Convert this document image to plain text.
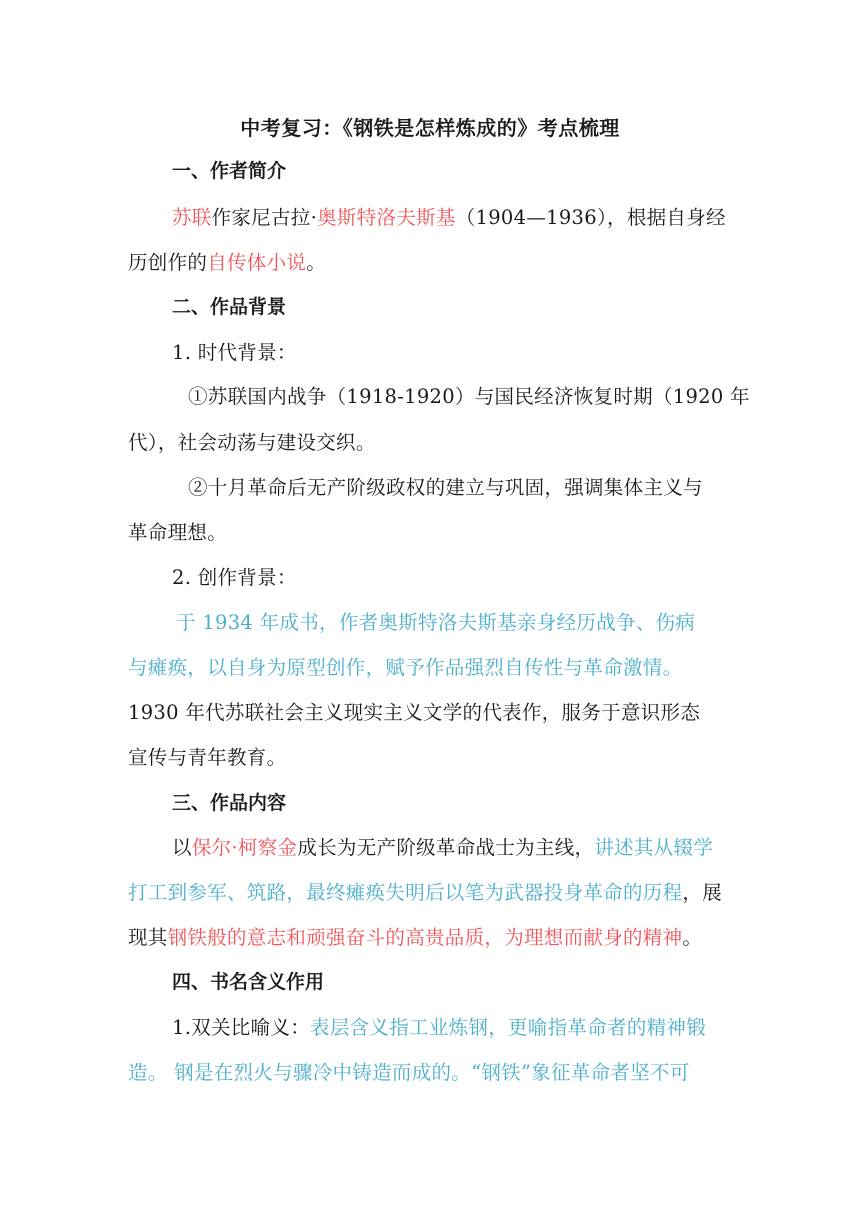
中考复习：《钢铁是怎样炼成的》考点梳理
一、作者简介
苏联作家尼古拉·奥斯特洛夫斯基（1904—1936），根据自身经
历创作的自传体小说。
二、作品背景
1. 时代背景：
①苏联国内战争（1918-1920）与国民经济恢复时期（1920 年
代），社会动荡与建设交织。
②十月革命后无产阶级政权的建立与巩固，强调集体主义与
革命理想。
2. 创作背景：
于 1934 年成书，作者奥斯特洛夫斯基亲身经历战争、伤病
与瘫痪，以自身为原型创作，赋予作品强烈自传性与革命激情。
1930 年代苏联社会主义现实主义文学的代表作，服务于意识形态
宣传与青年教育。
三、作品内容
以保尔·柯察金成长为无产阶级革命战士为主线，讲述其从辍学
打工到参军、筑路，最终瘫痪失明后以笔为武器投身革命的历程，展
现其钢铁般的意志和顽强奋斗的高贵品质，为理想而献身的精神。
四、书名含义作用
1.双关比喻义：表层含义指工业炼钢，更喻指革命者的精神锻
造。 钢是在烈火与骤冷中铸造而成的。“钢铁”象征革命者坚不可
